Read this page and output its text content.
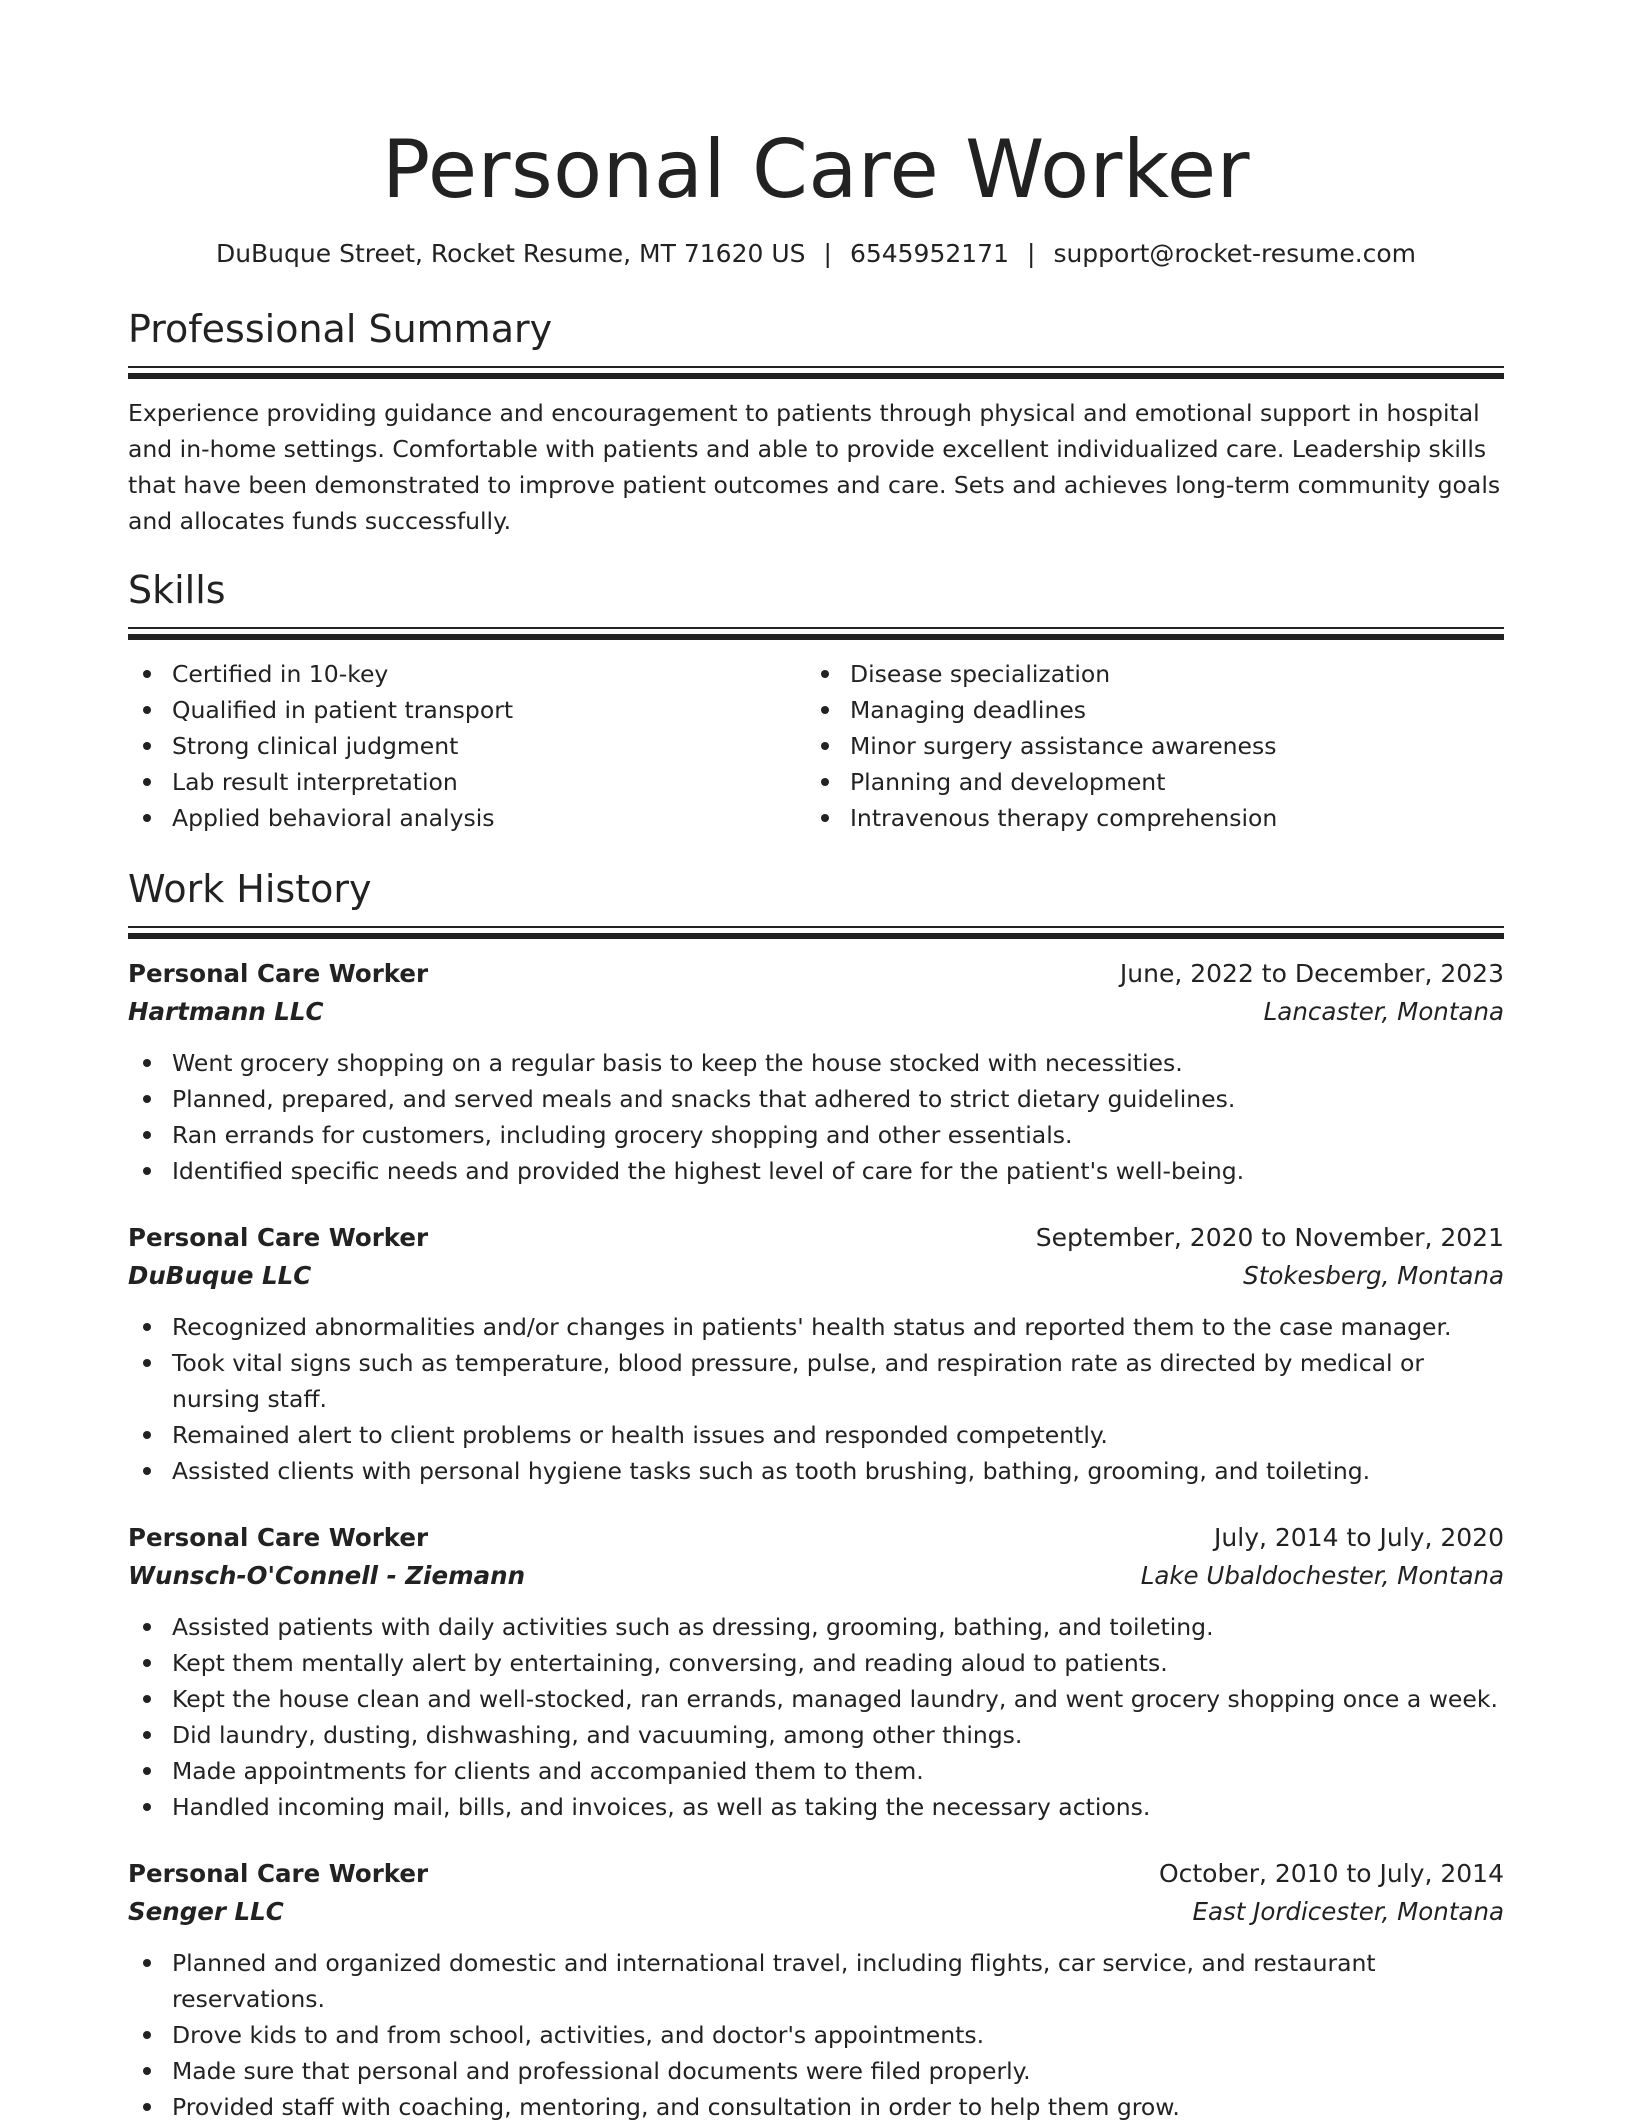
Personal Care Worker
DuBuque Street, Rocket Resume, MT 71620 US | 6545952171 | support@rocket-resume.com
Professional Summary

Experience providing guidance and encouragement to patients through physical and emotional support in hospital and in-home settings. Comfortable with patients and able to provide excellent individualized care. Leadership skills that have been demonstrated to improve patient outcomes and care. Sets and achieves long-term community goals and allocates funds successfully.

Skills
Certified in 10-key
Qualified in patient transport
Strong clinical judgment
Lab result interpretation
Applied behavioral analysis
Disease specialization
Managing deadlines
Minor surgery assistance awareness
Planning and development
Intravenous therapy comprehension
Work History
Personal Care Worker	June, 2022 to December, 2023
Hartmann LLC	Lancaster, Montana
Went grocery shopping on a regular basis to keep the house stocked with necessities.
Planned, prepared, and served meals and snacks that adhered to strict dietary guidelines.
Ran errands for customers, including grocery shopping and other essentials.
Identified specific needs and provided the highest level of care for the patient's well-being.
Personal Care Worker	September, 2020 to November, 2021
DuBuque LLC	Stokesberg, Montana
Recognized abnormalities and/or changes in patients' health status and reported them to the case manager.
Took vital signs such as temperature, blood pressure, pulse, and respiration rate as directed by medical or nursing staff.
Remained alert to client problems or health issues and responded competently.
Assisted clients with personal hygiene tasks such as tooth brushing, bathing, grooming, and toileting.
Personal Care Worker	July, 2014 to July, 2020
Wunsch-O'Connell - Ziemann	Lake Ubaldochester, Montana
Assisted patients with daily activities such as dressing, grooming, bathing, and toileting.
Kept them mentally alert by entertaining, conversing, and reading aloud to patients.
Kept the house clean and well-stocked, ran errands, managed laundry, and went grocery shopping once a week.
Did laundry, dusting, dishwashing, and vacuuming, among other things.
Made appointments for clients and accompanied them to them.
Handled incoming mail, bills, and invoices, as well as taking the necessary actions.
Personal Care Worker	October, 2010 to July, 2014
Senger LLC	East Jordicester, Montana
Planned and organized domestic and international travel, including flights, car service, and restaurant reservations.
Drove kids to and from school, activities, and doctor's appointments.
Made sure that personal and professional documents were filed properly.
Provided staff with coaching, mentoring, and consultation in order to help them grow.
